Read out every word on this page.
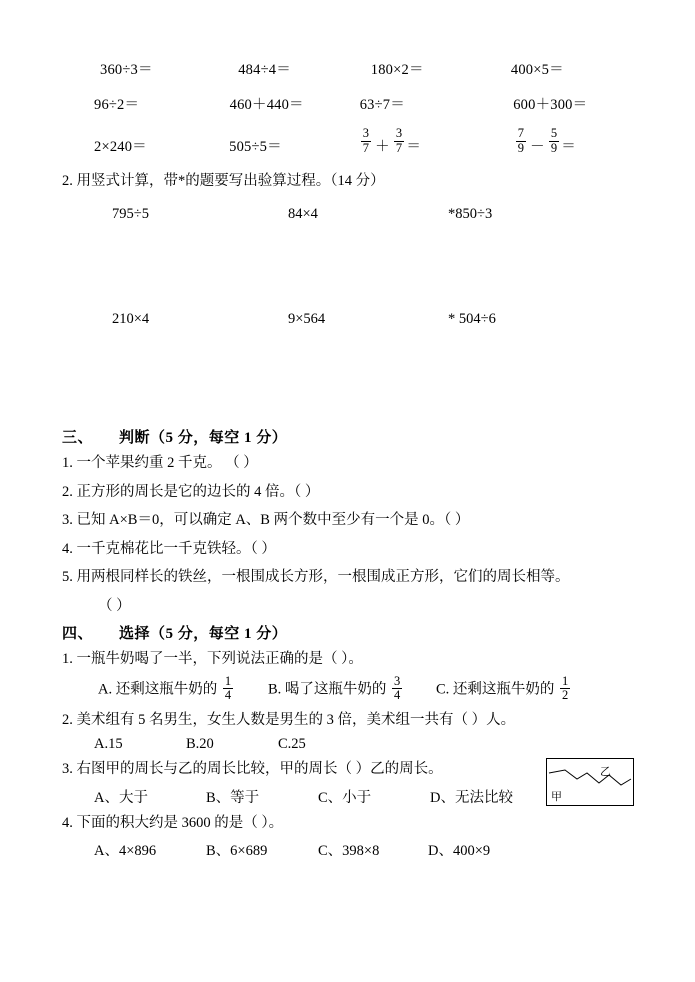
360÷3＝	484÷4＝	180×2＝	400×5＝
96÷2＝	460＋440＝	63÷7＝	600＋300＝
2×240＝	505÷5＝	$\frac{3}{7} + \frac{3}{7}$ ＝	$\frac{7}{9} - \frac{5}{9}$ ＝
2. 用竖式计算，带*的题要写出验算过程。（14 分）
795÷5	84×4	*850÷3
210×4	9×564	* 504÷6
三、 判断（5 分，每空 1 分）
1. 一个苹果约重 2 千克。 （ ）
2. 正方形的周长是它的边长的 4 倍。（ ）
3. 已知 A×B＝0，可以确定 A、B 两个数中至少有一个是 0。（ ）
4. 一千克棉花比一千克铁轻。（ ）
5. 用两根同样长的铁丝，一根围成长方形，一根围成正方形，它们的周长相等。
（ ）
四、 选择（5 分，每空 1 分）
1. 一瓶牛奶喝了一半，下列说法正确的是（ ）。
A. 还剩这瓶牛奶的 $\frac{1}{4} B$. 喝了这瓶牛奶的 $\frac{3}{4} C$. 还剩这瓶牛奶的 $\frac{1}{2}$
2. 美术组有 5 名男生，女生人数是男生的 3 倍，美术组一共有（ ）人。
A.15	B.20	C.25
3. 右图甲的周长与乙的周长比较，甲的周长（ ）乙的周长。
A、大于	B、等于	C、小于	D、无法比较
乙
甲
4. 下面的积大约是 3600 的是（ ）。
A、4×896	B、6×689	C、398×8	D、400×9
